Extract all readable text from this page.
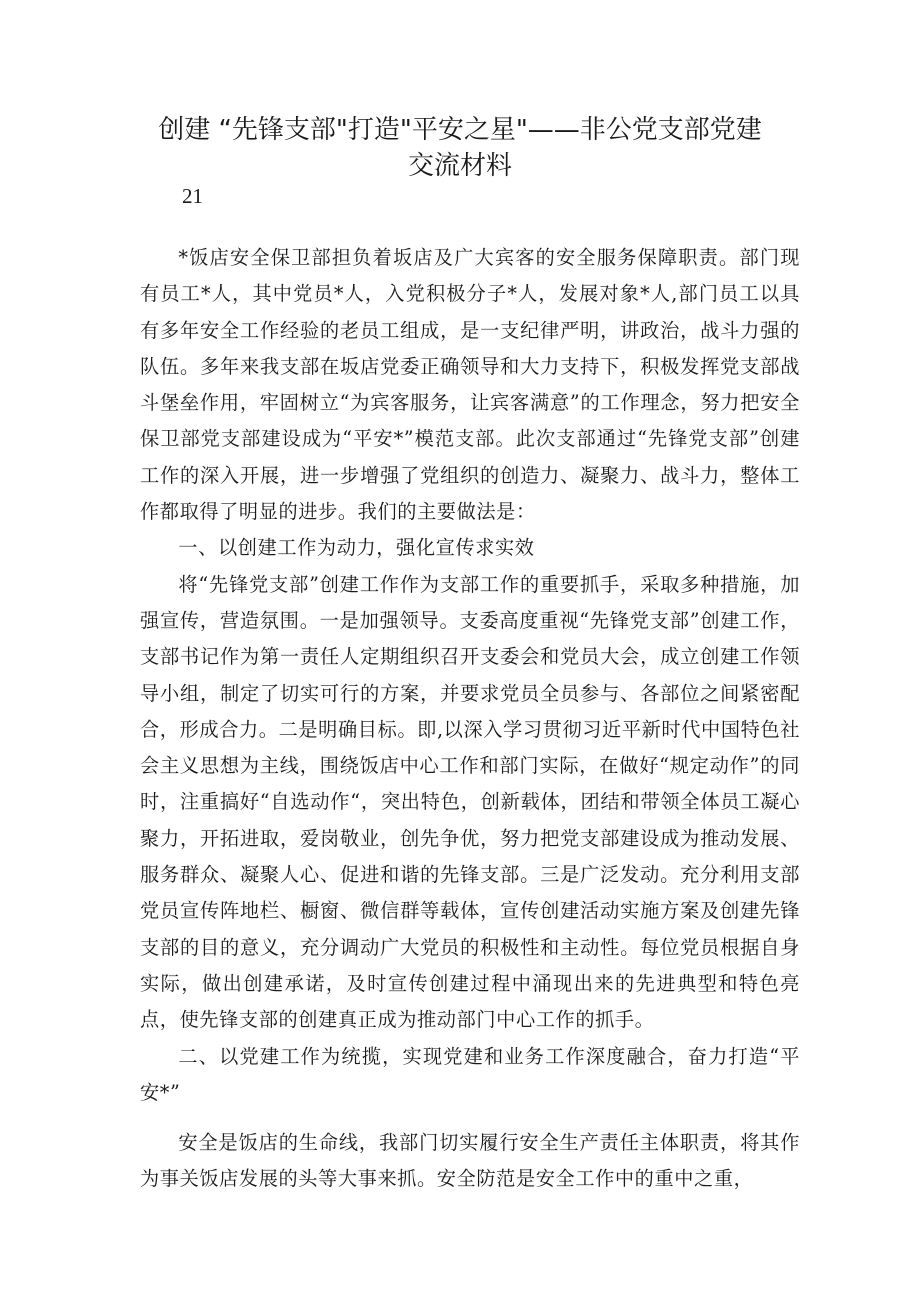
创建 “先锋支部"打造"平安之星"——非公党支部党建
交流材料
21

*饭店安全保卫部担负着坂店及广大宾客的安全服务保障职责。部门现有员工*人，其中党员*人，入党积极分子*人，发展对象*人,部门员工以具有多年安全工作经验的老员工组成，是一支纪律严明，讲政治，战斗力强的队伍。多年来我支部在坂店党委正确领导和大力支持下，积极发挥党支部战斗堡垒作用，牢固树立“为宾客服务，让宾客满意”的工作理念，努力把安全保卫部党支部建设成为“平安*”模范支部。此次支部通过“先锋党支部”创建工作的深入开展，进一步增强了党组织的创造力、凝聚力、战斗力，整体工作都取得了明显的进步。我们的主要做法是：

一、以创建工作为动力，强化宣传求实效

将“先锋党支部”创建工作作为支部工作的重要抓手，采取多种措施，加强宣传，营造氛围。一是加强领导。支委高度重视“先锋党支部”创建工作，支部书记作为第一责任人定期组织召开支委会和党员大会，成立创建工作领导小组，制定了切实可行的方案，并要求党员全员参与、各部位之间紧密配合，形成合力。二是明确目标。即,以深入学习贯彻习近平新时代中国特色社会主义思想为主线，围绕饭店中心工作和部门实际，在做好“规定动作”的同时，注重搞好“自选动作“，突出特色，创新载体，团结和带领全体员工凝心聚力，开拓进取，爱岗敬业，创先争优，努力把党支部建设成为推动发展、服务群众、凝聚人心、促进和谐的先锋支部。三是广泛发动。充分利用支部党员宣传阵地栏、橱窗、微信群等载体，宣传创建活动实施方案及创建先锋支部的目的意义，充分调动广大党员的积极性和主动性。每位党员根据自身实际，做出创建承诺，及时宣传创建过程中涌现出来的先进典型和特色亮点，使先锋支部的创建真正成为推动部门中心工作的抓手。

二、以党建工作为统揽，实现党建和业务工作深度融合，奋力打造“平安*”

安全是饭店的生命线，我部门切实履行安全生产责任主体职责，将其作为事关饭店发展的头等大事来抓。安全防范是安全工作中的重中之重，
